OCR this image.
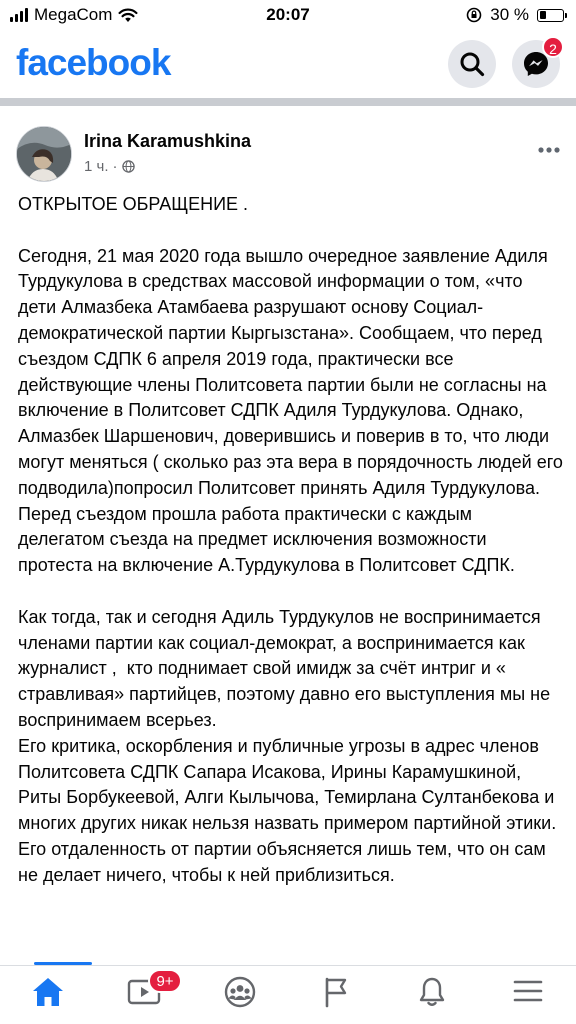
MegaCom	20:07	30 %
facebook	2
Irina Karamushkina
1 ч. ·
ОТКРЫТОЕ ОБРАЩЕНИЕ .
Сегодня, 21 мая 2020 года вышло очередное заявление Адиля Турдукулова в средствах массовой информации о том, «что дети Алмазбека Атамбаева разрушают основу Социал-демократической партии Кыргызстана». Сообщаем, что перед съездом СДПК 6 апреля 2019 года, практически все действующие члены Политсовета партии были не согласны на включение в Политсовет СДПК Адиля Турдукулова. Однако, Алмазбек Шаршенович, доверившись и поверив в то, что люди могут меняться ( сколько раз эта вера в порядочность людей его подводила)попросил Политсовет принять Адиля Турдукулова. Перед съездом прошла работа практически с каждым делегатом съезда на предмет исключения возможности протеста на включение А.Турдукулова в Политсовет СДПК.
Как тогда, так и сегодня Адиль Турдукулов не воспринимается членами партии как социал-демократ, а воспринимается как журналист ,  кто поднимает свой имидж за счёт интриг и « стравливая» партийцев, поэтому давно его выступления мы не   воспринимаем всерьез.
Его критика, оскорбления и публичные угрозы в адрес членов Политсовета СДПК Сапара Исакова, Ирины Карамушкиной, Риты Борбукеевой, Алги Кылычова, Темирлана Султанбекова и многих других никак нельзя назвать примером партийной этики.
Его отдаленность от партии объясняется лишь тем, что он сам не делает ничего, чтобы к ней приблизиться.
9+
